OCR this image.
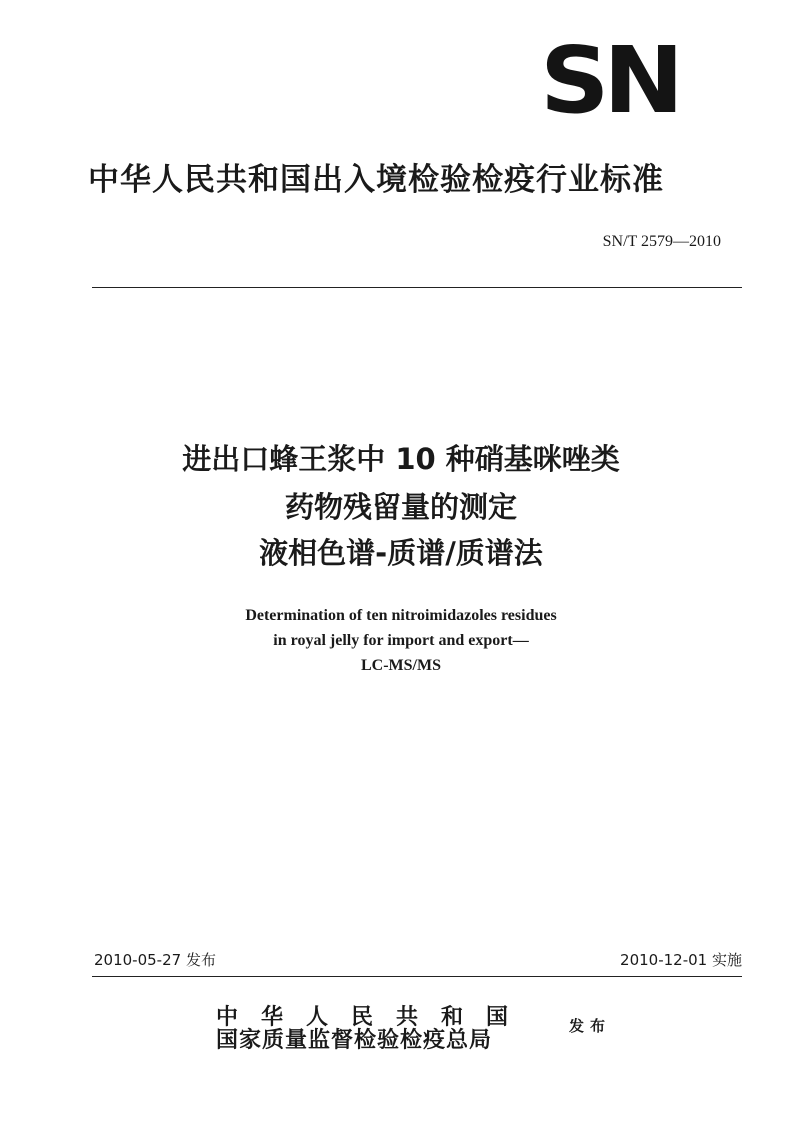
SN
中华人民共和国出入境检验检疫行业标准
SN/T 2579—2010
进出口蜂王浆中 10 种硝基咪唑类
药物残留量的测定
液相色谱-质谱/质谱法
Determination of ten nitroimidazoles residues
in royal jelly for import and export—
LC-MS/MS
2010-05-27 发布	2010-12-01 实施
中华人民共和国
国家质量监督检验检疫总局
发布
